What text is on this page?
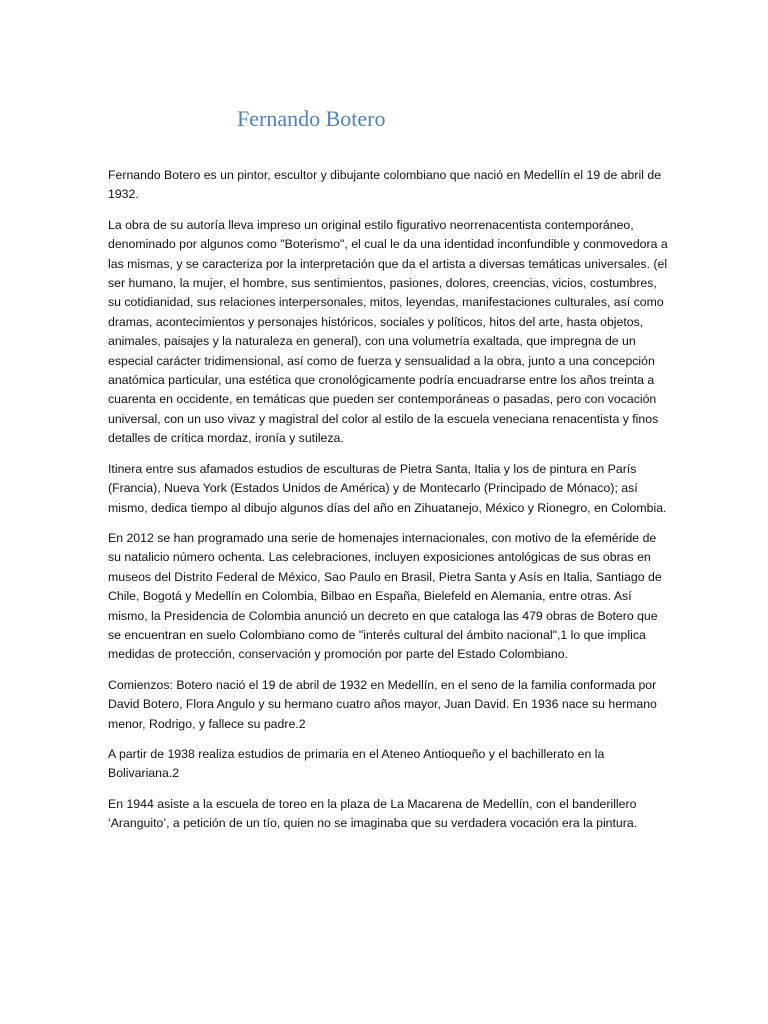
Fernando Botero

Fernando Botero es un pintor, escultor y dibujante colombiano que nació en Medellín el 19 de abril de 1932.

La obra de su autoría lleva impreso un original estilo figurativo neorrenacentista contemporáneo, denominado por algunos como "Boterismo", el cual le da una identidad inconfundible y conmovedora a las mismas, y se caracteriza por la interpretación que da el artista a diversas temáticas universales. (el ser humano, la mujer, el hombre, sus sentimientos, pasiones, dolores, creencias, vicios, costumbres, su cotidianidad, sus relaciones interpersonales, mitos, leyendas, manifestaciones culturales, así como dramas, acontecimientos y personajes históricos, sociales y políticos, hitos del arte, hasta objetos, animales, paisajes y la naturaleza en general), con una volumetría exaltada, que impregna de un especial carácter tridimensional, así como de fuerza y sensualidad a la obra, junto a una concepción anatómica particular, una estética que cronológicamente podría encuadrarse entre los años treinta a cuarenta en occidente, en temáticas que pueden ser contemporáneas o pasadas, pero con vocación universal, con un uso vivaz y magistral del color al estilo de la escuela veneciana renacentista y finos detalles de crítica mordaz, ironía y sutileza.

Itinera entre sus afamados estudios de esculturas de Pietra Santa, Italia y los de pintura en París (Francia), Nueva York (Estados Unidos de América) y de Montecarlo (Principado de Mónaco); así mismo, dedica tiempo al dibujo algunos días del año en Zihuatanejo, México y Rionegro, en Colombia.

En 2012 se han programado una serie de homenajes internacionales, con motivo de la efeméride de su natalicio número ochenta. Las celebraciones, incluyen exposiciones antológicas de sus obras en museos del Distrito Federal de México, Sao Paulo en Brasil, Pietra Santa y Asís en Italia, Santiago de Chile, Bogotá y Medellín en Colombia, Bilbao en España, Bielefeld en Alemania, entre otras. Así mismo, la Presidencia de Colombia anunció un decreto en que cataloga las 479 obras de Botero que se encuentran en suelo Colombiano como de "interés cultural del ámbito nacional",1 lo que implica medidas de protección, conservación y promoción por parte del Estado Colombiano.

Comienzos: Botero nació el 19 de abril de 1932 en Medellín, en el seno de la familia conformada por David Botero, Flora Angulo y su hermano cuatro años mayor, Juan David. En 1936 nace su hermano menor, Rodrigo, y fallece su padre.2

A partir de 1938 realiza estudios de primaria en el Ateneo Antioqueño y el bachillerato en la Bolivariana.2

En 1944 asiste a la escuela de toreo en la plaza de La Macarena de Medellín, con el banderillero ‘Aranguito’, a petición de un tío, quien no se imaginaba que su verdadera vocación era la pintura.
